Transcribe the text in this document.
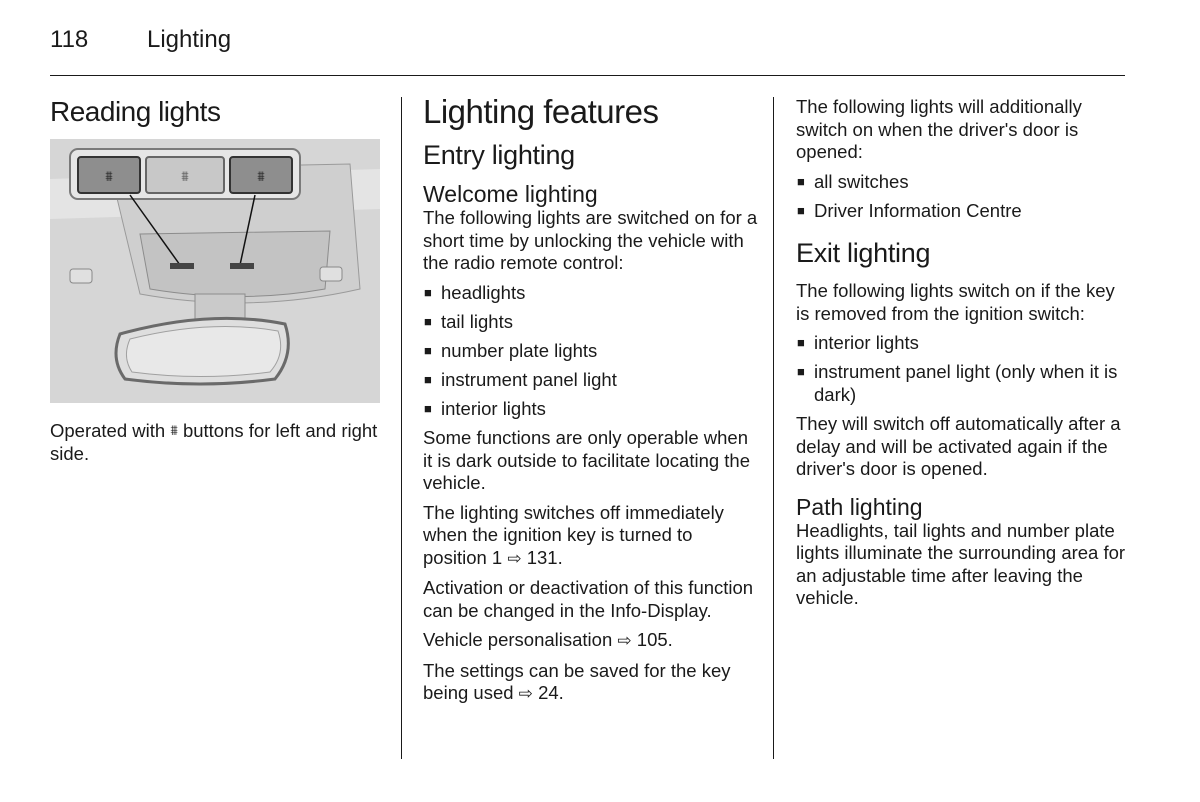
118 Lighting
Reading lights
⩩	⩩	⩩

Operated with ⩩ buttons for left and right side.

Lighting features
Entry lighting
Welcome lighting

The following lights are switched on for a short time by unlocking the vehicle with the radio remote control:

■ headlights
■ tail lights
■ number plate lights
■ instrument panel light
■ interior lights

Some functions are only operable when it is dark outside to facilitate locating the vehicle.

The lighting switches off immediately when the ignition key is turned to position 1 ⇨ 131.

Activation or deactivation of this function can be changed in the Info-Display.

Vehicle personalisation ⇨ 105.

The settings can be saved for the key being used ⇨ 24.

The following lights will additionally switch on when the driver's door is opened:

■ all switches
■ Driver Information Centre
Exit lighting

The following lights switch on if the key is removed from the ignition switch:

■ interior lights
■ instrument panel light (only when it is dark)

They will switch off automatically after a delay and will be activated again if the driver's door is opened.

Path lighting

Headlights, tail lights and number plate lights illuminate the surrounding area for an adjustable time after leaving the vehicle.
